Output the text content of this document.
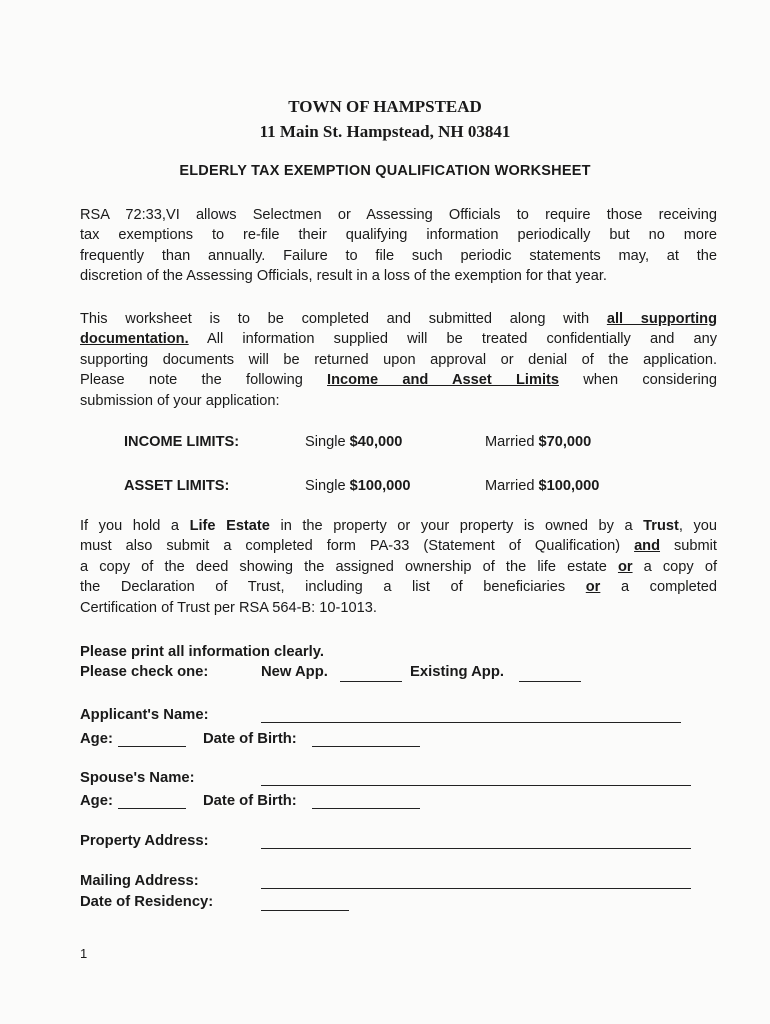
TOWN OF HAMPSTEAD
11 Main St. Hampstead, NH 03841
ELDERLY TAX EXEMPTION QUALIFICATION WORKSHEET
RSA 72:33,VI allows Selectmen or Assessing Officials to require those receiving
tax exemptions to re-file their qualifying information periodically but no more
frequently than annually. Failure to file such periodic statements may, at the
discretion of the Assessing Officials, result in a loss of the exemption for that year.
This worksheet is to be completed and submitted along with all supporting
documentation. All information supplied will be treated confidentially and any
supporting documents will be returned upon approval or denial of the application.
Please note the following Income and Asset Limits when considering
submission of your application:
INCOME LIMITS:	Single $40,000	Married $70,000
ASSET LIMITS:	Single $100,000	Married $100,000
If you hold a Life Estate in the property or your property is owned by a Trust, you
must also submit a completed form PA-33 (Statement of Qualification) and submit
a copy of the deed showing the assigned ownership of the life estate or a copy of
the Declaration of Trust, including a list of beneficiaries or a completed
Certification of Trust per RSA 564-B: 10-1013.
Please print all information clearly.
Please check one:	New App.	Existing App.
Applicant's Name:
Age:	Date of Birth:
Spouse's Name:
Age:	Date of Birth:
Property Address:
Mailing Address:
Date of Residency:
1
